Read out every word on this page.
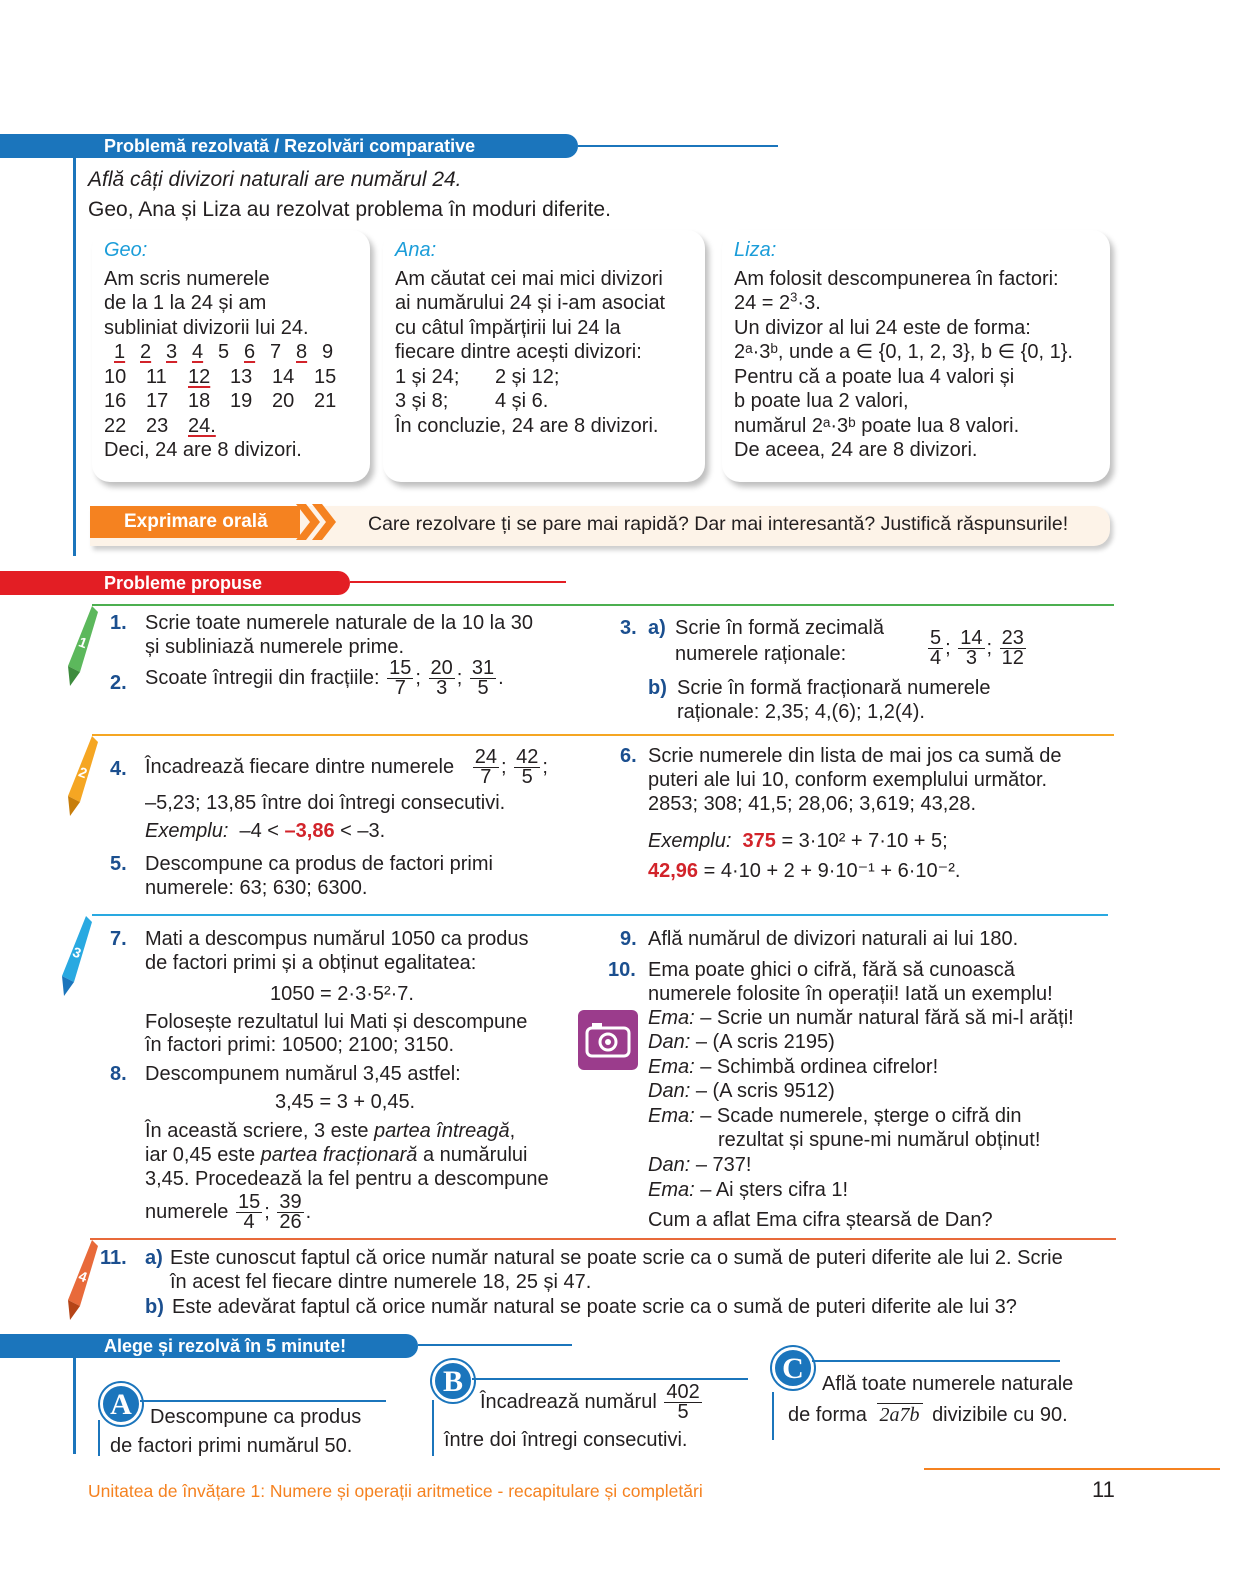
Problemă rezolvată / Rezolvări comparative
Află câți divizori naturali are numărul 24.
Geo, Ana și Liza au rezolvat problema în moduri diferite.
Geo:
Am scris numerele
de la 1 la 24 și am
subliniat divizorii lui 24.
1 2 3 4 5 6 7 8 9
10 11 12 13 14 15
16 17 18 19 20 21
22 23 24.
Deci, 24 are 8 divizori.
Ana:
Am căutat cei mai mici divizori
ai numărului 24 și i-am asociat
cu câtul împărțirii lui 24 la
fiecare dintre acești divizori:
1 și 24; 2 și 12;
3 și 8; 4 și 6.
În concluzie, 24 are 8 divizori.
Liza:
Am folosit descompunerea în factori:
$24 = 2^3\cdot 3$.
Un divizor al lui 24 este de forma:
2ᵃ·3ᵇ, unde a ∈ {0, 1, 2, 3}, b ∈ {0, 1}.
Pentru că a poate lua 4 valori și
b poate lua 2 valori,
numărul 2ᵃ·3ᵇ poate lua 8 valori.
De aceea, 24 are 8 divizori.
Exprimare orală	Care rezolvare ți se pare mai rapidă? Dar mai interesantă? Justifică răspunsurile!
Probleme propuse
1
2
3
4
1. Scrie toate numerele naturale de la 10 la 30
și subliniază numerele prime.
2. Scoate întregii din fracțiile: $\frac{15}{7}$ ; $\frac{20}{3}$ ; $\frac{31}{5}$ .
3. a) Scrie în formă zecimală
numerele raționale:	$\frac{5}{4}$ ; $\frac{14}{3}$ ; $\frac{23}{12}$
b) Scrie în formă fracționară numerele
raționale: 2,35; 4,(6); 1,2(4).
4. Încadrează fiecare dintre numerele $\frac{24}{7}$ ; $\frac{42}{5}$ ;
–5,23; 13,85 între doi întregi consecutivi.
Exemplu: –4 < –3,86 < –3.
5. Descompune ca produs de factori primi
numerele: 63; 630; 6300.
6. Scrie numerele din lista de mai jos ca sumă de
puteri ale lui 10, conform exemplului următor.
2853; 308; 41,5; 28,06; 3,619; 43,28.
Exemplu: 375 = 3·10² + 7·10 + 5;
42,96 = 4·10 + 2 + 9·10⁻¹ + 6·10⁻².
7. Mati a descompus numărul 1050 ca produs
de factori primi și a obținut egalitatea:
1050 = 2·3·5²·7.
Folosește rezultatul lui Mati și descompune
în factori primi: 10500; 2100; 3150.
8. Descompunem numărul 3,45 astfel:
3,45 = 3 + 0,45.
În această scriere, 3 este partea întreagă,
iar 0,45 este partea fracționară a numărului
3,45. Procedează la fel pentru a descompune
numerele $\frac{15}{4}$ ; $\frac{39}{26}$ .
9. Află numărul de divizori naturali ai lui 180.
10. Ema poate ghici o cifră, fără să cunoască
numerele folosite în operații! Iată un exemplu!
Ema: – Scrie un număr natural fără să mi-l arăți!
Dan: – (A scris 2195)
Ema: – Schimbă ordinea cifrelor!
Dan: – (A scris 9512)
Ema: – Scade numerele, șterge o cifră din
rezultat și spune-mi numărul obținut!
Dan: – 737!
Ema: – Ai șters cifra 1!
Cum a aflat Ema cifra ștearsă de Dan?
11. a) Este cunoscut faptul că orice număr natural se poate scrie ca o sumă de puteri diferite ale lui 2. Scrie
în acest fel fiecare dintre numerele 18, 25 și 47.
b) Este adevărat faptul că orice număr natural se poate scrie ca o sumă de puteri diferite ale lui 3?
Alege și rezolvă în 5 minute!
A Descompune ca produs
de factori primi numărul 50.
B
Încadrează numărul $\frac{402}{5}$
între doi întregi consecutivi.
C Află toate numerele naturale
de forma 2a7b divizibile cu 90.
Unitatea de învățare 1: Numere și operații aritmetice - recapitulare și completări	11
